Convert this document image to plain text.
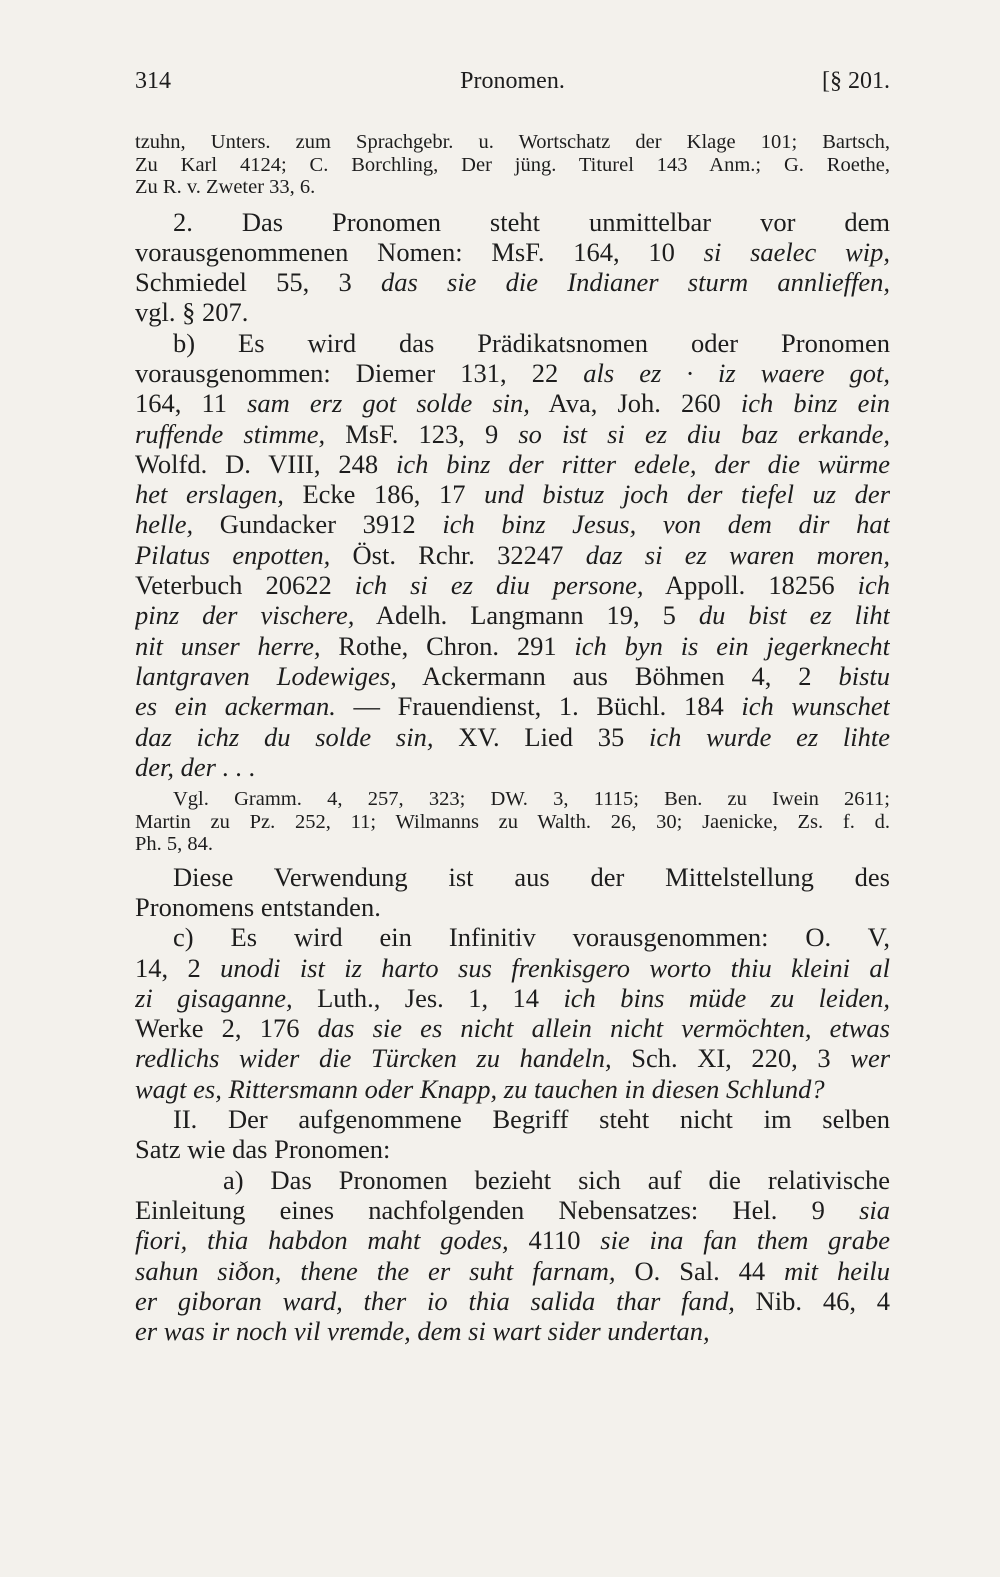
314	Pronomen.	[§ 201.
tzuhn, Unters. zum Sprachgebr. u. Wortschatz der Klage 101; Bartsch,
Zu Karl 4124; C. Borchling, Der jüng. Titurel 143 Anm.; G. Roethe,
Zu R. v. Zweter 33, 6.
2. Das Pronomen steht unmittelbar vor dem
vorausgenommenen Nomen: MsF. 164, 10 si saelec wip,
Schmiedel 55, 3 das sie die Indianer sturm annlieffen,
vgl. § 207.
b) Es wird das Prädikatsnomen oder Pronomen
vorausgenommen: Diemer 131, 22 als ez · iz waere got,
164, 11 sam erz got solde sin, Ava, Joh. 260 ich binz ein
ruffende stimme, MsF. 123, 9 so ist si ez diu baz erkande,
Wolfd. D. VIII, 248 ich binz der ritter edele, der die würme
het erslagen, Ecke 186, 17 und bistuz joch der tiefel uz der
helle, Gundacker 3912 ich binz Jesus, von dem dir hat
Pilatus enpotten, Öst. Rchr. 32247 daz si ez waren moren,
Veterbuch 20622 ich si ez diu persone, Appoll. 18256 ich
pinz der vischere, Adelh. Langmann 19, 5 du bist ez liht
nit unser herre, Rothe, Chron. 291 ich byn is ein jegerknecht
lantgraven Lodewiges, Ackermann aus Böhmen 4, 2 bistu
es ein ackerman. — Frauendienst, 1. Büchl. 184 ich wunschet
daz ichz du solde sin, XV. Lied 35 ich wurde ez lihte
der, der . . .
Vgl. Gramm. 4, 257, 323; DW. 3, 1115; Ben. zu Iwein 2611;
Martin zu Pz. 252, 11; Wilmanns zu Walth. 26, 30; Jaenicke, Zs. f. d.
Ph. 5, 84.
Diese Verwendung ist aus der Mittelstellung des
Pronomens entstanden.
c) Es wird ein Infinitiv vorausgenommen: O. V,
14, 2 unodi ist iz harto sus frenkisgero worto thiu kleini al
zi gisaganne, Luth., Jes. 1, 14 ich bins müde zu leiden,
Werke 2, 176 das sie es nicht allein nicht vermöchten, etwas
redlichs wider die Türcken zu handeln, Sch. XI, 220, 3 wer
wagt es, Rittersmann oder Knapp, zu tauchen in diesen Schlund?
II. Der aufgenommene Begriff steht nicht im selben
Satz wie das Pronomen:
a) Das Pronomen bezieht sich auf die relativische
Einleitung eines nachfolgenden Nebensatzes: Hel. 9 sia
fiori, thia habdon maht godes, 4110 sie ina fan them grabe
sahun siðon, thene the er suht farnam, O. Sal. 44 mit heilu
er giboran ward, ther io thia salida thar fand, Nib. 46, 4
er was ir noch vil vremde, dem si wart sider undertan,
